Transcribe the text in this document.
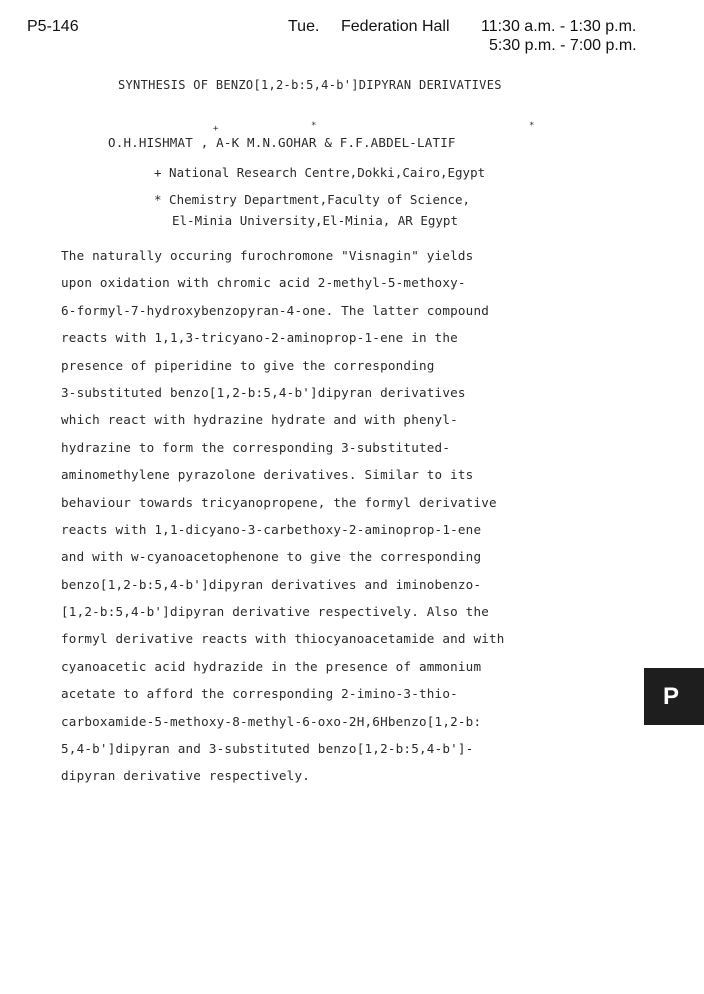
P5-146	Tue. Federation Hall 11:30 a.m. - 1:30 p.m.
5:30 p.m. - 7:00 p.m.
SYNTHESIS OF BENZO[1,2-b:5,4-b']DIPYRAN DERIVATIVES
+	*	*
O.H.HISHMAT , A-K M.N.GOHAR & F.F.ABDEL-LATIF
+ National Research Centre,Dokki,Cairo,Egypt
* Chemistry Department,Faculty of Science,
El-Minia University,El-Minia, AR Egypt
The naturally occuring furochromone "Visnagin" yields
upon oxidation with chromic acid 2-methyl-5-methoxy-
6-formyl-7-hydroxybenzopyran-4-one. The latter compound
reacts with 1,1,3-tricyano-2-aminoprop-1-ene in the
presence of piperidine to give the corresponding
3-substituted benzo[1,2-b:5,4-b']dipyran derivatives
which react with hydrazine hydrate and with phenyl-
hydrazine to form the corresponding 3-substituted-
aminomethylene pyrazolone derivatives. Similar to its
behaviour towards tricyanopropene, the formyl derivative
reacts with 1,1-dicyano-3-carbethoxy-2-aminoprop-1-ene
and with w-cyanoacetophenone to give the corresponding
benzo[1,2-b:5,4-b']dipyran derivatives and iminobenzo-
[1,2-b:5,4-b']dipyran derivative respectively. Also the
formyl derivative reacts with thiocyanoacetamide and with
cyanoacetic acid hydrazide in the presence of ammonium
acetate to afford the corresponding 2-imino-3-thio-
carboxamide-5-methoxy-8-methyl-6-oxo-2H,6Hbenzo[1,2-b:
5,4-b']dipyran and 3-substituted benzo[1,2-b:5,4-b']-
dipyran derivative respectively.
P
